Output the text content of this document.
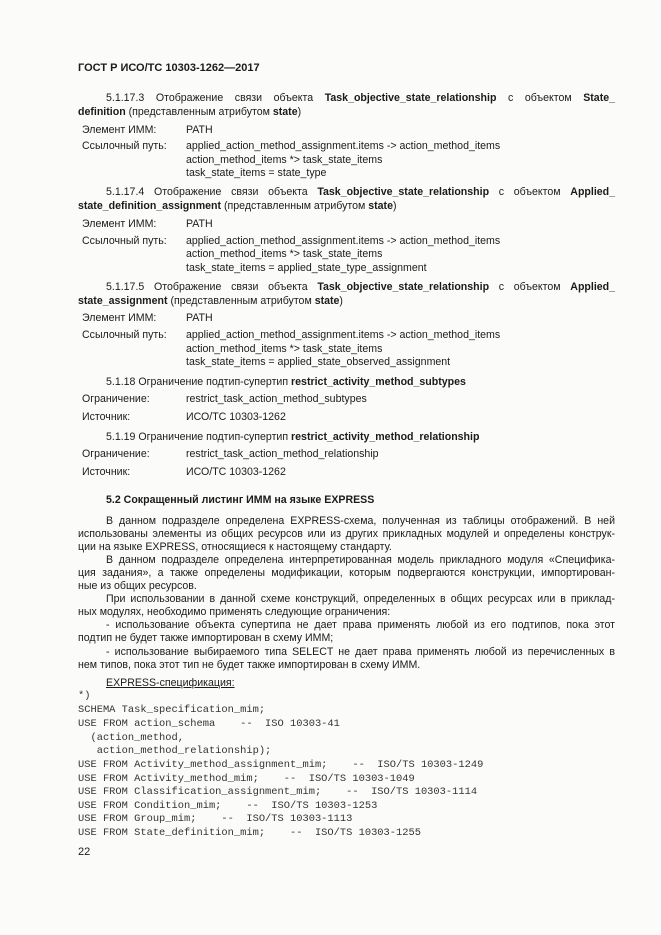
ГОСТ Р ИСО/ТС 10303-1262—2017
5.1.17.3 Отображение связи объекта Task_objective_state_relationship с объектом State_
definition (представленным атрибутом state)
Элемент ИММ:	PATH
Ссылочный путь: applied_action_method_assignment.items -> action_method_items
action_method_items *> task_state_items
task_state_items = state_type
5.1.17.4 Отображение связи объекта Task_objective_state_relationship с объектом Applied_
state_definition_assignment (представленным атрибутом state)
Элемент ИММ:	PATH
Ссылочный путь: applied_action_method_assignment.items -> action_method_items
action_method_items *> task_state_items
task_state_items = applied_state_type_assignment
5.1.17.5 Отображение связи объекта Task_objective_state_relationship с объектом Applied_
state_assignment (представленным атрибутом state)
Элемент ИММ:	PATH
Ссылочный путь: applied_action_method_assignment.items -> action_method_items
action_method_items *> task_state_items
task_state_items = applied_state_observed_assignment
5.1.18 Ограничение подтип-супертип restrict_activity_method_subtypes
Ограничение:	restrict_task_action_method_subtypes
Источник:	ИСО/ТС 10303-1262
5.1.19 Ограничение подтип-супертип restrict_activity_method_relationship
Ограничение:	restrict_task_action_method_relationship
Источник:	ИСО/ТС 10303-1262
5.2 Сокращенный листинг ИММ на языке EXPRESS
В данном подразделе определена EXPRESS-схема, полученная из таблицы отображений. В ней
использованы элементы из общих ресурсов или из других прикладных модулей и определены конструк-
ции на языке EXPRESS, относящиеся к настоящему стандарту.
В данном подразделе определена интерпретированная модель прикладного модуля «Специфика-
ция задания», а также определены модификации, которым подвергаются конструкции, импортирован-
ные из общих ресурсов.
При использовании в данной схеме конструкций, определенных в общих ресурсах или в приклад-
ных модулях, необходимо применять следующие ограничения:
- использование объекта супертипа не дает права применять любой из его подтипов, пока этот
подтип не будет также импортирован в схему ИММ;
- использование выбираемого типа SELECT не дает права применять любой из перечисленных в
нем типов, пока этот тип не будет также импортирован в схему ИММ.
EXPRESS-спецификация:
*)
SCHEMA Task_specification_mim;
USE FROM action_schema    --  ISO 10303-41
(action_method,
action_method_relationship);
USE FROM Activity_method_assignment_mim;    --  ISO/TS 10303-1249
USE FROM Activity_method_mim;    --  ISO/TS 10303-1049
USE FROM Classification_assignment_mim;    --  ISO/TS 10303-1114
USE FROM Condition_mim;    --  ISO/TS 10303-1253
USE FROM Group_mim;    --  ISO/TS 10303-1113
USE FROM State_definition_mim;    --  ISO/TS 10303-1255
22
